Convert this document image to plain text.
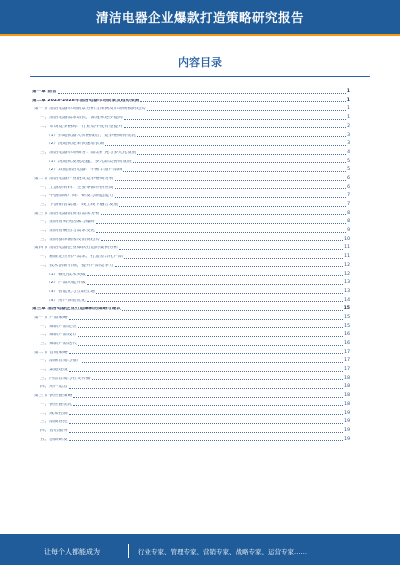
清洁电器企业爆款打造策略研究报告
内容目录
第一章 前言	1
第二章 2023-2028年清洁电器市场前景及趋势预测	1
第一节 清洁电器市场前景分析与预测及市场规模的趋势	1
一、清洁电器需求增长，渗透率逐步提高	1
二、市场竞争格局：行业集中度有望提升	2
（1）扫地机器人价格战后，竞争格局将优化	3
（2）洗地机迎来快速增长期	3
三、清洁电器市场细分：品类扩充与多元化发展	4
（1）洗地机发展迅猛，多元品类协同发展	5
（2）其他清洁电器：不断丰富产品线	5
第二节 清洁电器产业链及竞争格局分析	6
一、上游原材料：主要零部件供应商	6
二、中游品牌厂商：研发与制造能力	7
三、下游销售渠道：线上线下融合发展	7
第三节 清洁电器消费者需求分析	8
一、消费者购买因素与偏好	8
二、消费者痛点与需求变化	9
三、消费群体画像及消费趋势	10
第四节 清洁电器企业爆款打造的案例分析	11
一、精准定位用户需求，打造差异化产品	11
二、技术创新引领，提升产品竞争力	12
（1）核心技术突破	12
（2）产品功能升级	13
（3）智能化与互联互通	13
（4）用户体验优化	14
第三章 清洁电器企业打造爆款的策略与建议	15
第一节 产品策略	15
一、爆款产品定位	15
二、爆款产品设计	16
三、爆款产品迭代	16
第二节 营销策略	17
一、品牌营销与推广	17
二、渠道建设	17
三、内容营销与社交传播	18
四、用户运营	18
第三节 供应链策略	18
一、供应链优化	18
二、成本控制	19
三、品质管控	19
四、售后服务	19
五、创新研发	19
让每个人都能成为	行业专家、管理专家、营销专家、战略专家、运营专家……
